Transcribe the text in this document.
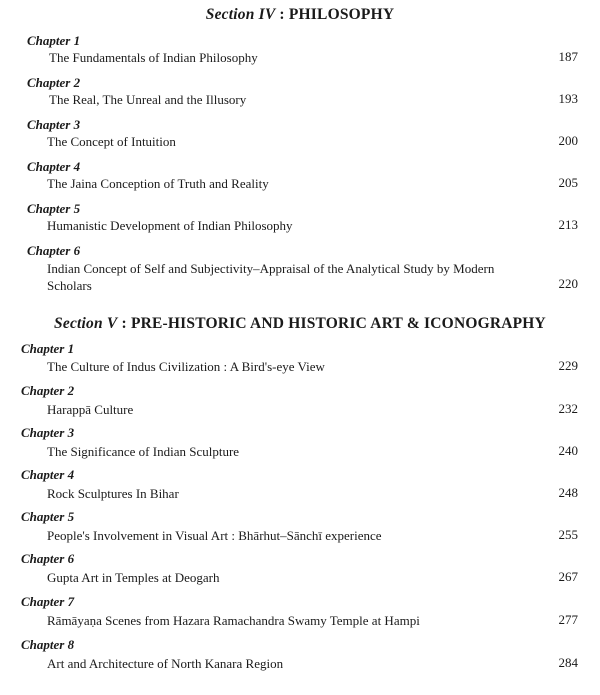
Section IV : PHILOSOPHY
Chapter 1
The Fundamentals of Indian Philosophy	187
Chapter 2
The Real, The Unreal and the Illusory	193
Chapter 3
The Concept of Intuition	200
Chapter 4
The Jaina Conception of Truth and Reality	205
Chapter 5
Humanistic Development of Indian Philosophy	213
Chapter 6
Indian Concept of Self and Subjectivity–Appraisal of the Analytical Study by Modern Scholars	220
Section V : PRE-HISTORIC AND HISTORIC ART & ICONOGRAPHY
Chapter 1
The Culture of Indus Civilization : A Bird's-eye View	229
Chapter 2
Harappā Culture	232
Chapter 3
The Significance of Indian Sculpture	240
Chapter 4
Rock Sculptures In Bihar	248
Chapter 5
People's Involvement in Visual Art : Bhārhut–Sānchī experience	255
Chapter 6
Gupta Art in Temples at Deogarh	267
Chapter 7
Rāmāyaṇa Scenes from Hazara Ramachandra Swamy Temple at Hampi	277
Chapter 8
Art and Architecture of North Kanara Region	284
